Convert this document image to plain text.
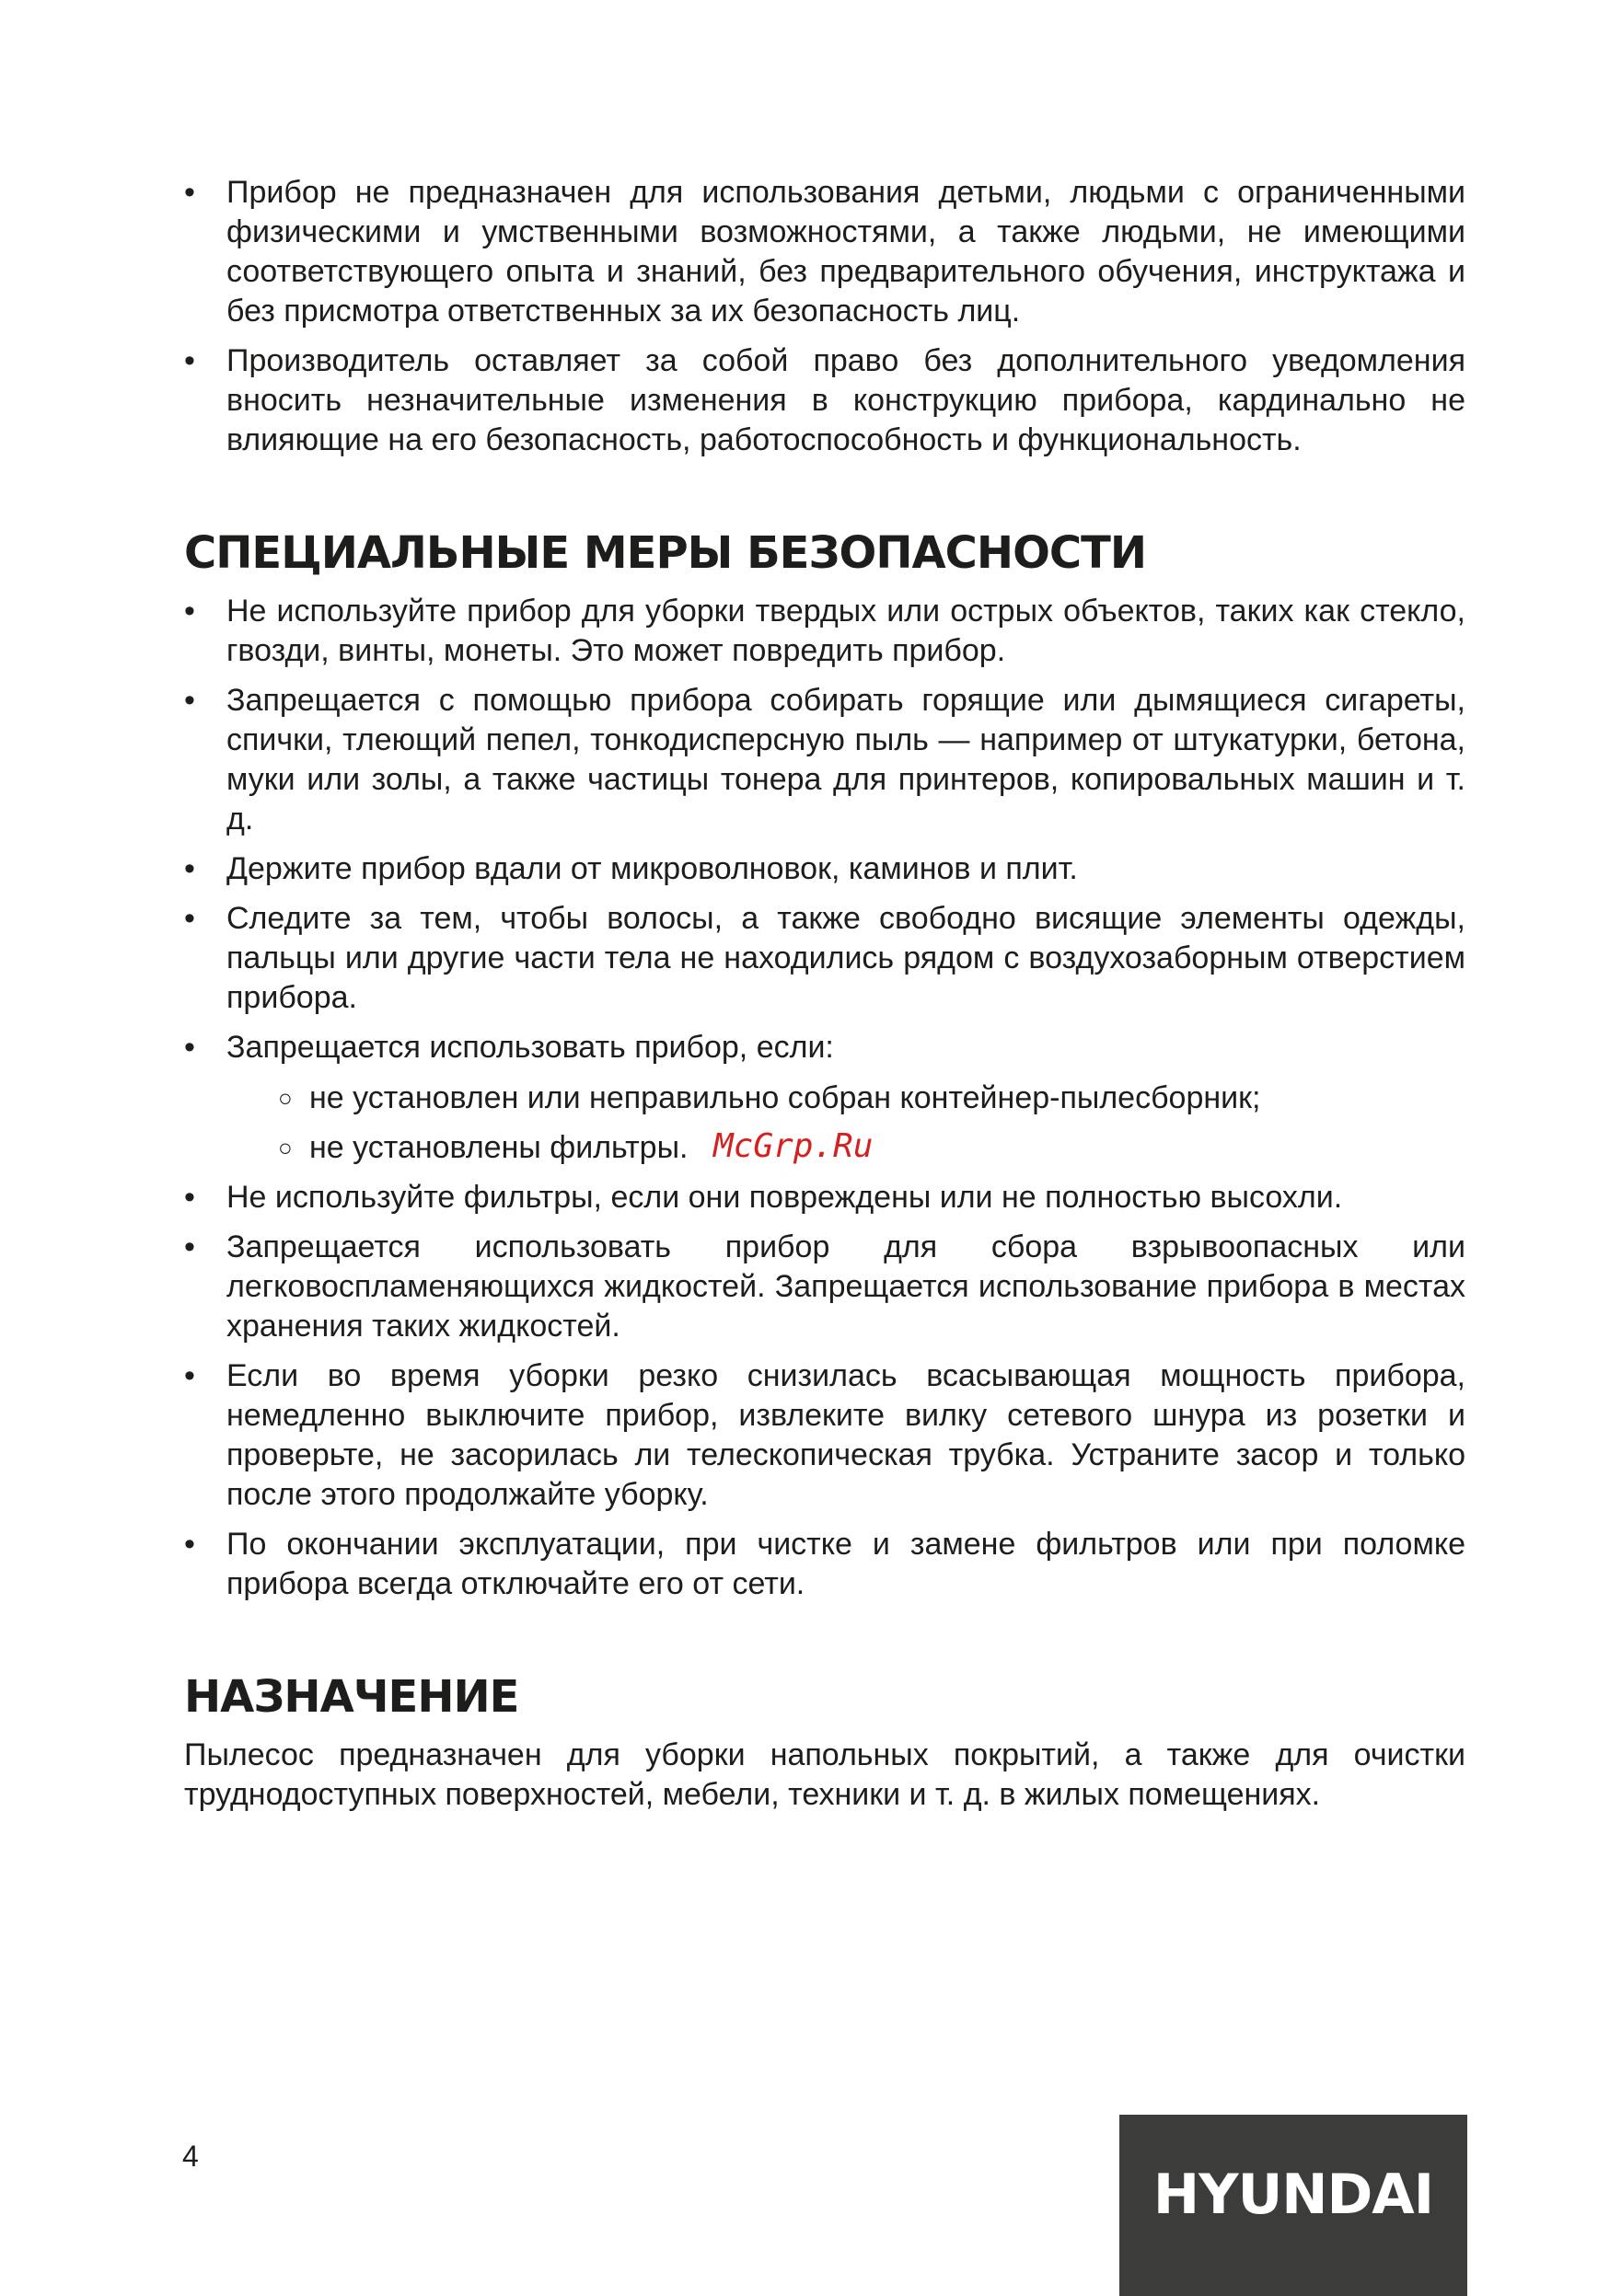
• Прибор не предназначен для использования детьми, людьми с ограниченными физическими и умственными возможностями, а также людьми, не имеющими соответствующего опыта и знаний, без предварительного обучения, инструктажа и без присмотра ответственных за их безопасность лиц.
• Производитель оставляет за собой право без дополнительного уведомления вносить незначительные изменения в конструкцию прибора, кардинально не влияющие на его безопасность, работоспособность и функциональность.
СПЕЦИАЛЬНЫЕ МЕРЫ БЕЗОПАСНОСТИ
• Не используйте прибор для уборки твердых или острых объектов, таких как стекло, гвозди, винты, монеты. Это может повредить прибор.
• Запрещается с помощью прибора собирать горящие или дымящиеся сигареты, спички, тлеющий пепел, тонкодисперсную пыль — например от штукатурки, бетона, муки или золы, а также частицы тонера для принтеров, копировальных машин и т. д.
• Держите прибор вдали от микроволновок, каминов и плит.
• Следите за тем, чтобы волосы, а также свободно висящие элементы одежды, пальцы или другие части тела не находились рядом с воздухозаборным отверстием прибора.
• Запрещается использовать прибор, если:
○ не установлен или неправильно собран контейнер-пылесборник;
○ не установлены фильтры.
• Не используйте фильтры, если они повреждены или не полностью высохли.
• Запрещается использовать прибор для сбора взрывоопасных или легковоспламеняющихся жидкостей. Запрещается использование прибора в местах хранения таких жидкостей.
• Если во время уборки резко снизилась всасывающая мощность прибора, немедленно выключите прибор, извлеките вилку сетевого шнура из розетки и проверьте, не засорилась ли телескопическая трубка. Устраните засор и только после этого продолжайте уборку.
• По окончании эксплуатации, при чистке и замене фильтров или при поломке прибора всегда отключайте его от сети.
НАЗНАЧЕНИЕ

Пылесос предназначен для уборки напольных покрытий, а также для очистки труднодоступных поверхностей, мебели, техники и т. д. в жилых помещениях.

McGrp.Ru
4
HYUNDAI
